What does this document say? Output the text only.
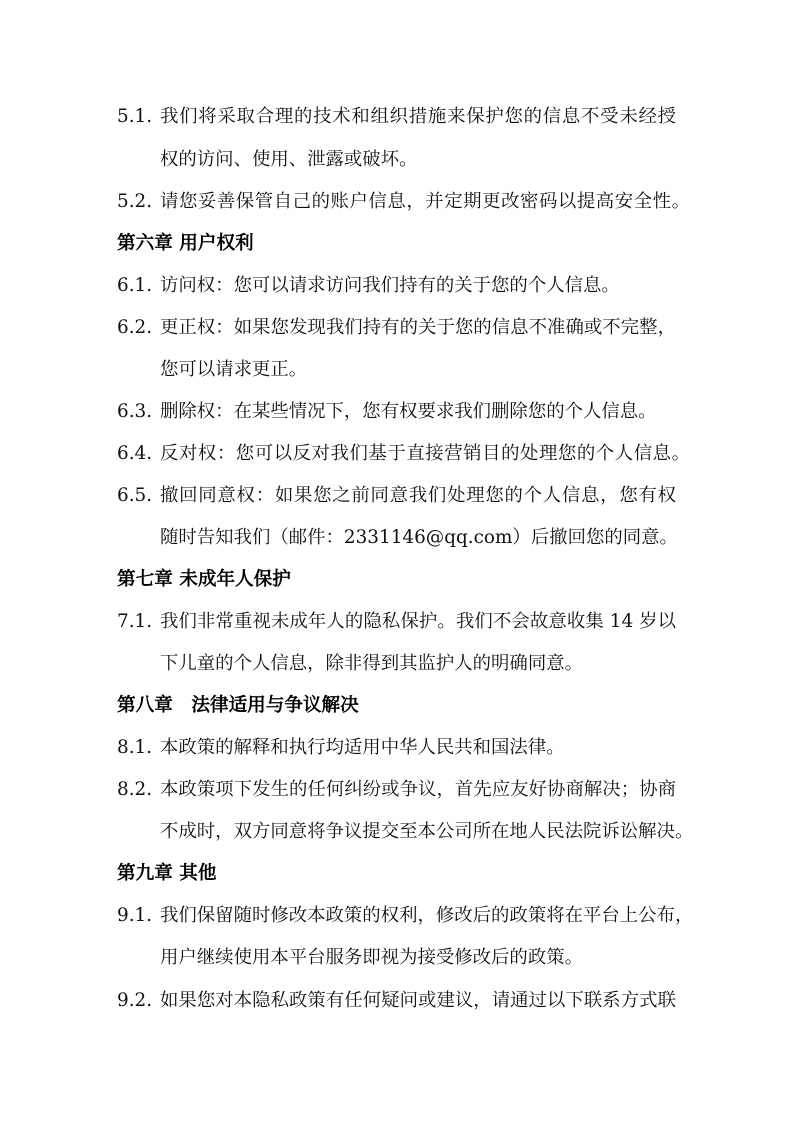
5.1. 我们将采取合理的技术和组织措施来保护您的信息不受未经授
权的访问、使用、泄露或破坏。
5.2. 请您妥善保管自己的账户信息，并定期更改密码以提高安全性。
第六章 用户权利
6.1. 访问权：您可以请求访问我们持有的关于您的个人信息。
6.2. 更正权：如果您发现我们持有的关于您的信息不准确或不完整，
您可以请求更正。
6.3. 删除权：在某些情况下，您有权要求我们删除您的个人信息。
6.4. 反对权：您可以反对我们基于直接营销目的处理您的个人信息。
6.5. 撤回同意权：如果您之前同意我们处理您的个人信息，您有权
随时告知我们（邮件：2331146@qq.com）后撤回您的同意。
第七章 未成年人保护
7.1. 我们非常重视未成年人的隐私保护。我们不会故意收集 14 岁以
下儿童的个人信息，除非得到其监护人的明确同意。
第八章　法律适用与争议解决
8.1. 本政策的解释和执行均适用中华人民共和国法律。
8.2. 本政策项下发生的任何纠纷或争议，首先应友好协商解决；协商
不成时，双方同意将争议提交至本公司所在地人民法院诉讼解决。
第九章 其他
9.1. 我们保留随时修改本政策的权利，修改后的政策将在平台上公布，
用户继续使用本平台服务即视为接受修改后的政策。
9.2. 如果您对本隐私政策有任何疑问或建议，请通过以下联系方式联
